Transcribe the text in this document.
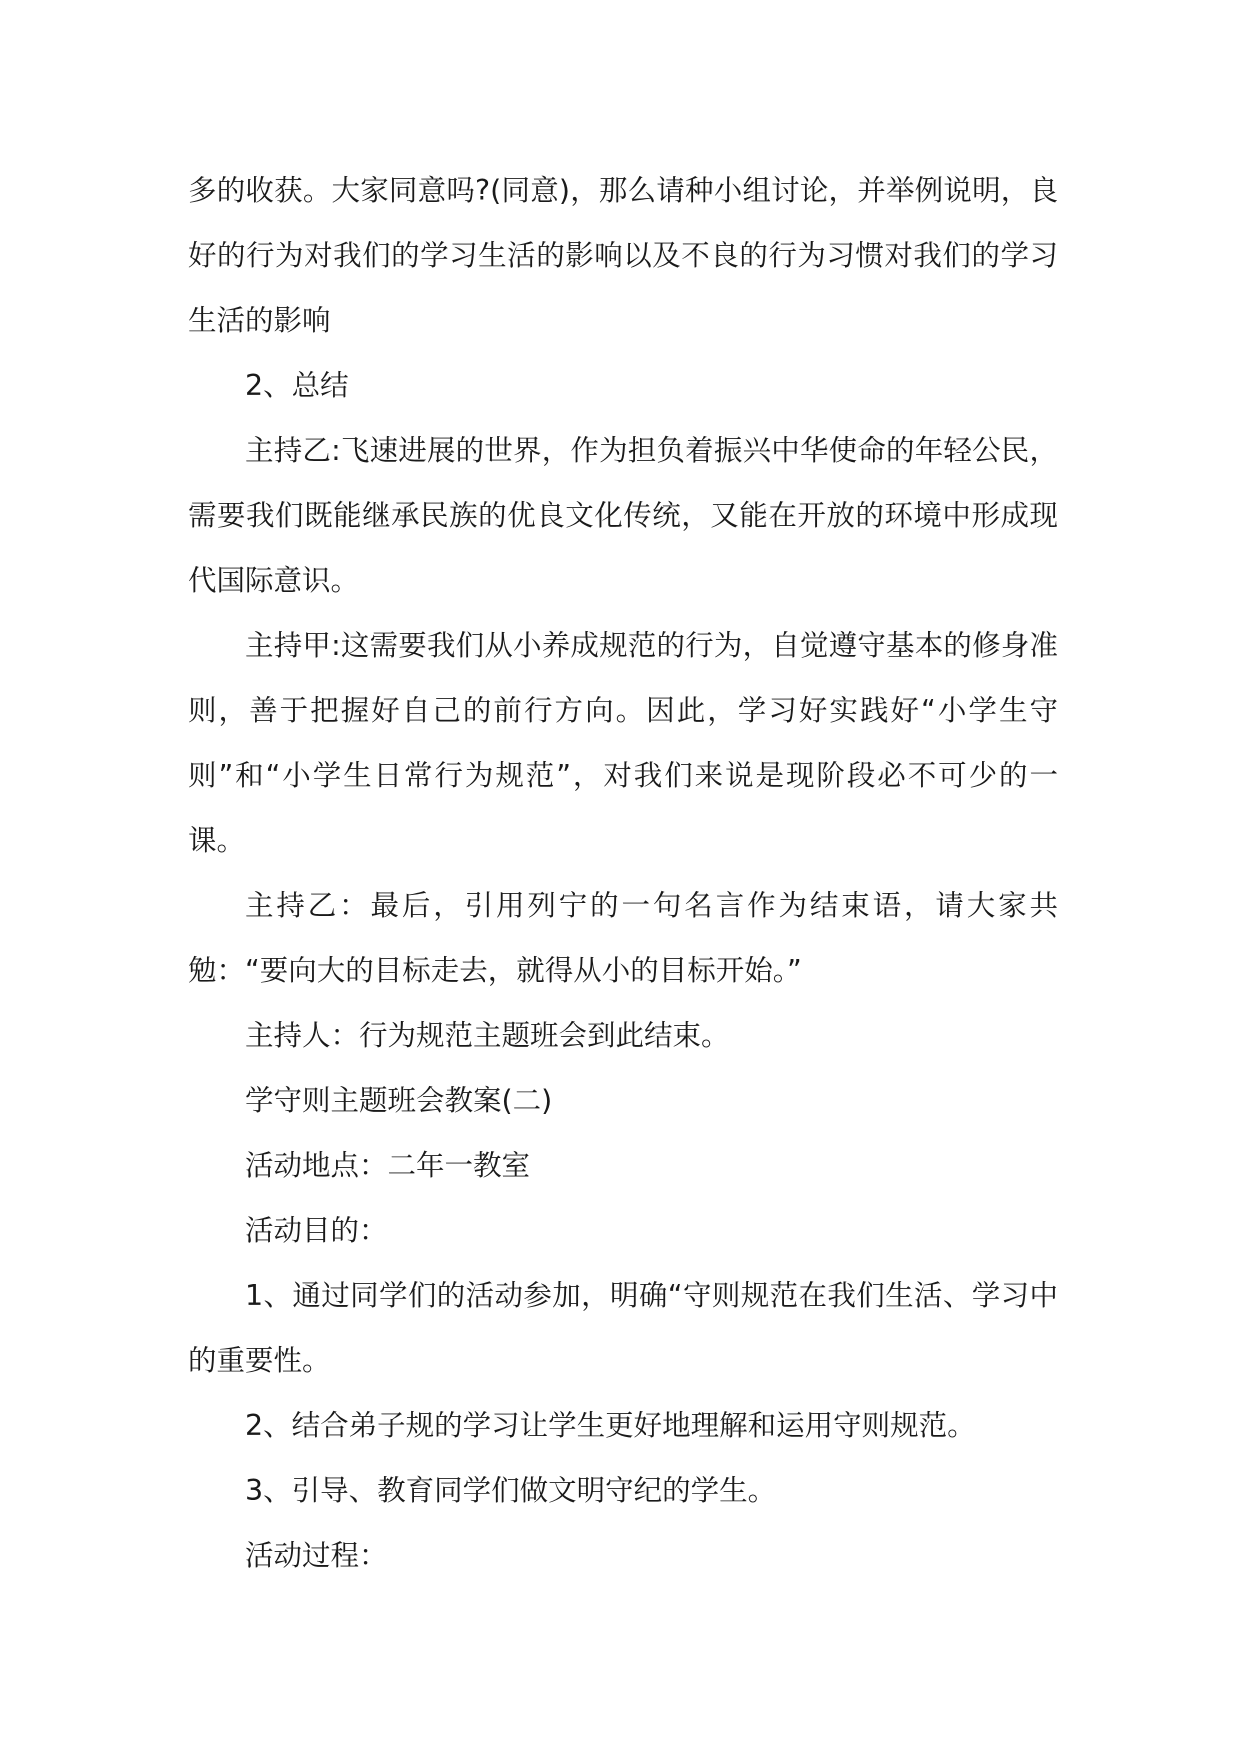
多的收获。大家同意吗?(同意)，那么请种小组讨论，并举例说明，良好的行为对我们的学习生活的影响以及不良的行为习惯对我们的学习生活的影响

2、总结

主持乙:飞速进展的世界，作为担负着振兴中华使命的年轻公民，需要我们既能继承民族的优良文化传统，又能在开放的环境中形成现代国际意识。

主持甲:这需要我们从小养成规范的行为，自觉遵守基本的修身准则，善于把握好自己的前行方向。因此，学习好实践好“小学生守则”和“小学生日常行为规范”，对我们来说是现阶段必不可少的一课。

主持乙：最后，引用列宁的一句名言作为结束语，请大家共勉：“要向大的目标走去，就得从小的目标开始。”

主持人：行为规范主题班会到此结束。

学守则主题班会教案(二)

活动地点：二年一教室

活动目的：

1、通过同学们的活动参加，明确“守则规范在我们生活、学习中的重要性。

2、结合弟子规的学习让学生更好地理解和运用守则规范。

3、引导、教育同学们做文明守纪的学生。

活动过程：
